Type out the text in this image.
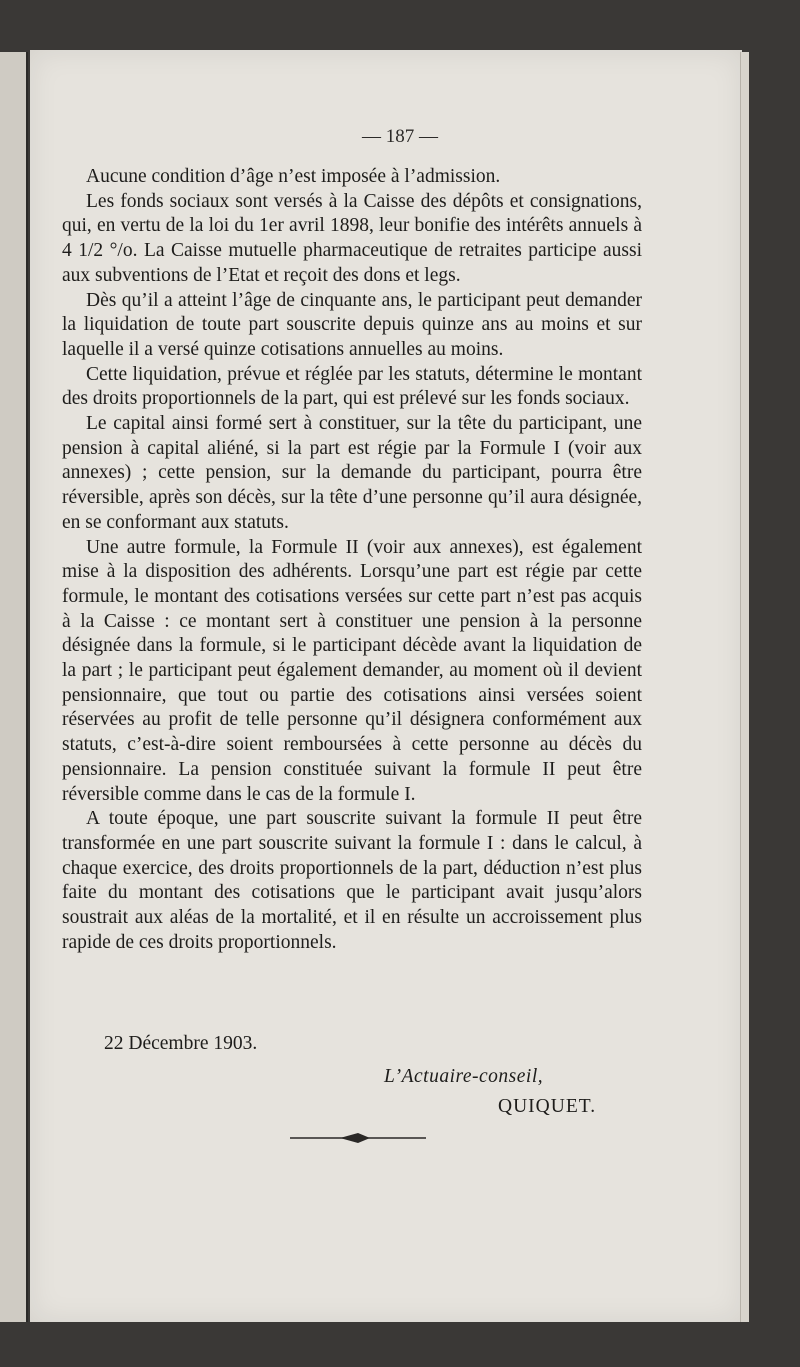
— 187 —

Aucune condition d’âge n’est imposée à l’admission.

Les fonds sociaux sont versés à la Caisse des dépôts et consignations, qui, en vertu de la loi du 1er avril 1898, leur bonifie des intérêts annuels à 4 1/2 °/o. La Caisse mutuelle pharmaceutique de retraites participe aussi aux subventions de l’Etat et reçoit des dons et legs.

Dès qu’il a atteint l’âge de cinquante ans, le participant peut demander la liquidation de toute part souscrite depuis quinze ans au moins et sur laquelle il a versé quinze cotisations annuelles au moins.

Cette liquidation, prévue et réglée par les statuts, détermine le montant des droits proportionnels de la part, qui est prélevé sur les fonds sociaux.

Le capital ainsi formé sert à constituer, sur la tête du participant, une pension à capital aliéné, si la part est régie par la Formule I (voir aux annexes) ; cette pension, sur la demande du participant, pourra être réversible, après son décès, sur la tête d’une personne qu’il aura désignée, en se conformant aux statuts.

Une autre formule, la Formule II (voir aux annexes), est également mise à la disposition des adhérents. Lorsqu’une part est régie par cette formule, le montant des cotisations versées sur cette part n’est pas acquis à la Caisse : ce montant sert à constituer une pension à la personne désignée dans la formule, si le participant décède avant la liquidation de la part ; le participant peut également demander, au moment où il devient pensionnaire, que tout ou partie des cotisations ainsi versées soient réservées au profit de telle personne qu’il désignera conformément aux statuts, c’est-à-dire soient remboursées à cette personne au décès du pensionnaire. La pension constituée suivant la formule II peut être réversible comme dans le cas de la formule I.

A toute époque, une part souscrite suivant la formule II peut être transformée en une part souscrite suivant la formule I : dans le calcul, à chaque exercice, des droits proportionnels de la part, déduction n’est plus faite du montant des cotisations que le participant avait jusqu’alors soustrait aux aléas de la mortalité, et il en résulte un accroissement plus rapide de ces droits proportionnels.

22 Décembre 1903.
L’Actuaire-conseil,
QUIQUET.
